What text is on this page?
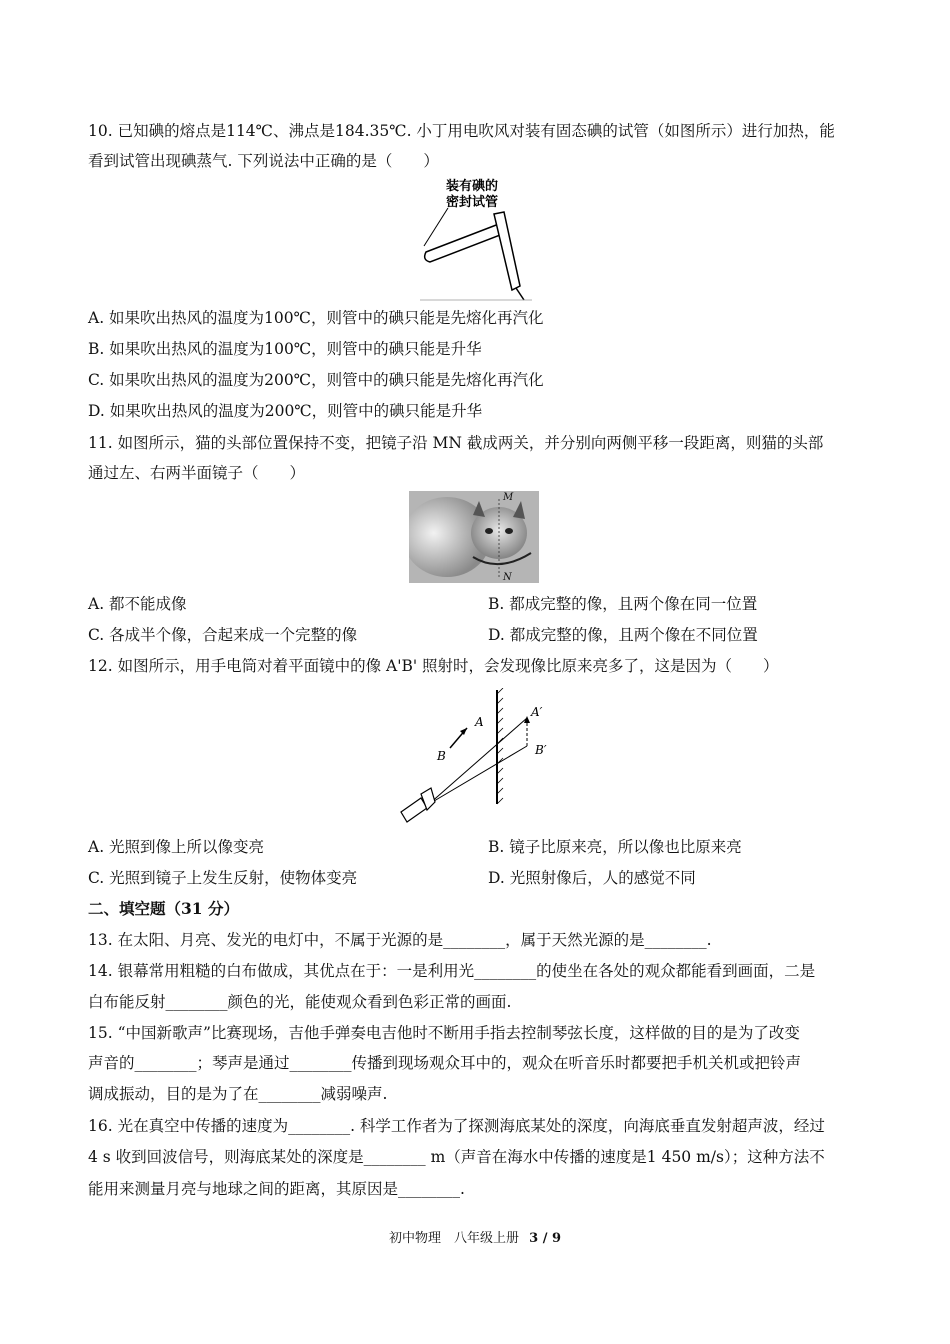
10. 已知碘的熔点是114℃、沸点是184.35℃. 小丁用电吹风对装有固态碘的试管（如图所示）进行加热，能
看到试管出现碘蒸气. 下列说法中正确的是（　　）
装有碘的
密封试管
A. 如果吹出热风的温度为100℃，则管中的碘只能是先熔化再汽化
B. 如果吹出热风的温度为100℃，则管中的碘只能是升华
C. 如果吹出热风的温度为200℃，则管中的碘只能是先熔化再汽化
D. 如果吹出热风的温度为200℃，则管中的碘只能是升华
11. 如图所示，猫的头部位置保持不变，把镜子沿 MN 截成两关，并分别向两侧平移一段距离，则猫的头部
通过左、右两半面镜子（　　）
M
N
A. 都不能成像	B. 都成完整的像，且两个像在同一位置
C. 各成半个像，合起来成一个完整的像	D. 都成完整的像，且两个像在不同位置
12. 如图所示，用手电筒对着平面镜中的像 A'B' 照射时，会发现像比原来亮多了，这是因为（　　）
A
B
A′
B′
A. 光照到像上所以像变亮	B. 镜子比原来亮，所以像也比原来亮
C. 光照到镜子上发生反射，使物体变亮	D. 光照射像后，人的感觉不同
二、填空题（31 分）
13. 在太阳、月亮、发光的电灯中，不属于光源的是________，属于天然光源的是________.
14. 银幕常用粗糙的白布做成，其优点在于：一是利用光________的使坐在各处的观众都能看到画面，二是
白布能反射________颜色的光，能使观众看到色彩正常的画面.
15. “中国新歌声”比赛现场，吉他手弹奏电吉他时不断用手指去控制琴弦长度，这样做的目的是为了改变
声音的________；琴声是通过________传播到现场观众耳中的，观众在听音乐时都要把手机关机或把铃声
调成振动，目的是为了在________减弱噪声.
16. 光在真空中传播的速度为________. 科学工作者为了探测海底某处的深度，向海底垂直发射超声波，经过
4 s 收到回波信号，则海底某处的深度是________ m（声音在海水中传播的速度是1 450 m/s）；这种方法不
能用来测量月亮与地球之间的距离，其原因是________.
初中物理　八年级上册 3 / 9
